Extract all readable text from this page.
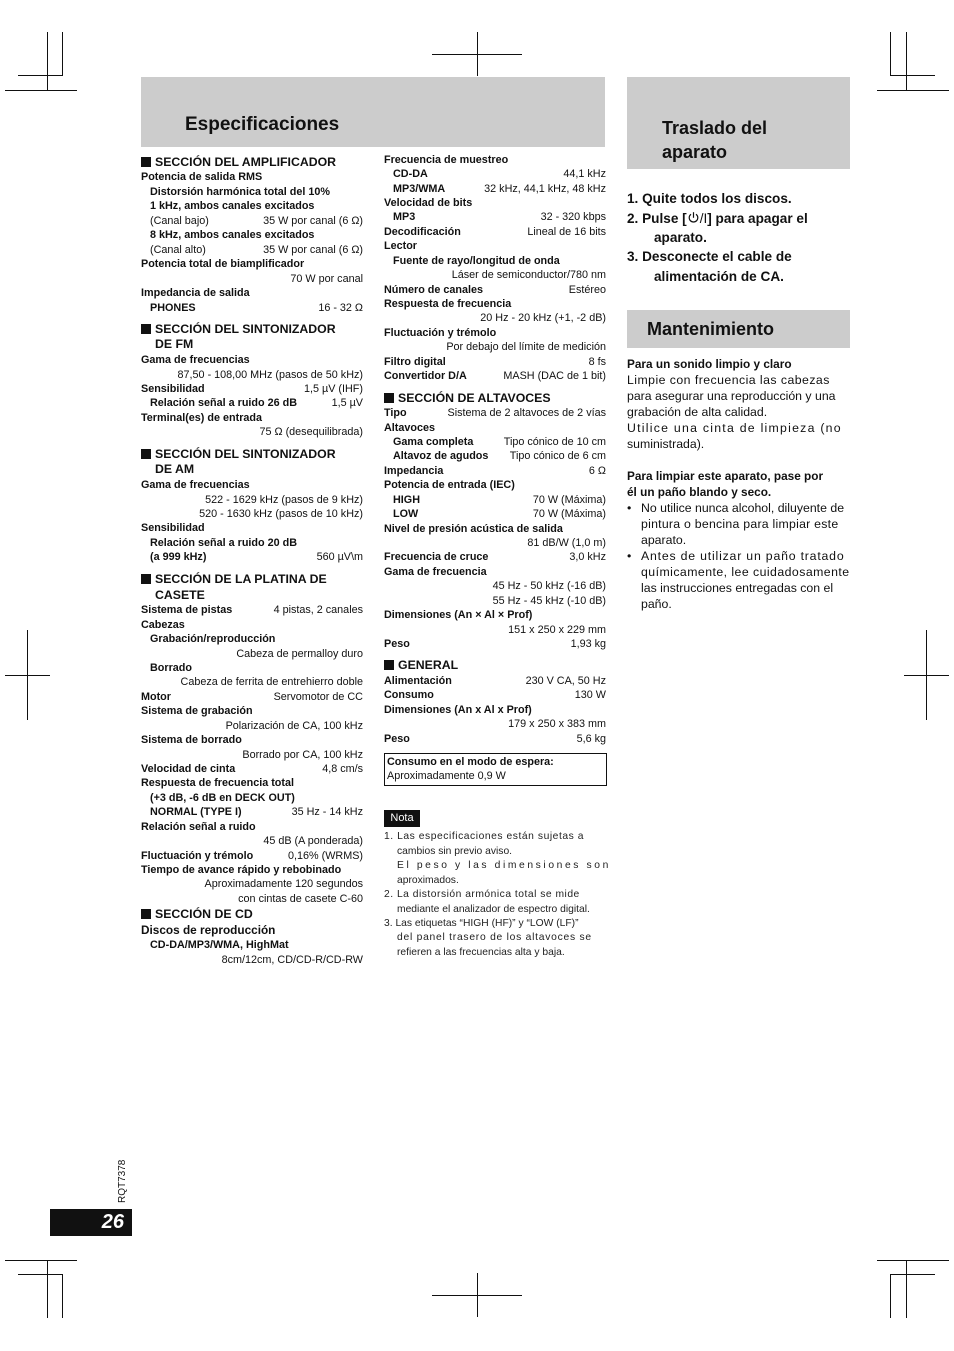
Especificaciones
SECCIÓN DEL AMPLIFICADOR
Potencia de salida RMS
Distorsión harmónica total del 10%
1 kHz, ambos canales excitados
(Canal bajo)	35 W por canal (6 Ω)
8 kHz, ambos canales excitados
(Canal alto)	35 W por canal (6 Ω)
Potencia total de biamplificador
70 W por canal
Impedancia de salida
PHONES	16 - 32 Ω
SECCIÓN DEL SINTONIZADOR
DE FM
Gama de frecuencias
87,50 - 108,00 MHz (pasos de 50 kHz)
Sensibilidad	1,5 µV (IHF)
Relación señal a ruido 26 dB	1,5 µV
Terminal(es) de entrada
75 Ω (desequilibrada)
SECCIÓN DEL SINTONIZADOR
DE AM
Gama de frecuencias
522 - 1629 kHz (pasos de 9 kHz)
520 - 1630 kHz (pasos de 10 kHz)
Sensibilidad
Relación señal a ruido 20 dB
(a 999 kHz)	560 µV\m
SECCIÓN DE LA PLATINA DE
CASETE
Sistema de pistas	4 pistas, 2 canales
Cabezas
Grabación/reproducción
Cabeza de permalloy duro
Borrado
Cabeza de ferrita de entrehierro doble
Motor	Servomotor de CC
Sistema de grabación
Polarización de CA, 100 kHz
Sistema de borrado
Borrado por CA, 100 kHz
Velocidad de cinta	4,8 cm/s
Respuesta de frecuencia total
(+3 dB, -6 dB en DECK OUT)
NORMAL (TYPE I)	35 Hz - 14 kHz
Relación señal a ruido
45 dB (A ponderada)
Fluctuación y trémolo	0,16% (WRMS)
Tiempo de avance rápido y rebobinado
Aproximadamente 120 segundos
con cintas de casete C-60
SECCIÓN DE CD
Discos de reproducción
CD-DA/MP3/WMA, HighMat
8cm/12cm, CD/CD-R/CD-RW
Frecuencia de muestreo
CD-DA	44,1 kHz
MP3/WMA	32 kHz, 44,1 kHz, 48 kHz
Velocidad de bits
MP3	32 - 320 kbps
Decodificación	Lineal de 16 bits
Lector
Fuente de rayo/longitud de onda
Láser de semiconductor/780 nm
Número de canales	Estéreo
Respuesta de frecuencia
20 Hz - 20 kHz (+1, -2 dB)
Fluctuación y trémolo
Por debajo del límite de medición
Filtro digital	8 fs
Convertidor D/A	MASH (DAC de 1 bit)
SECCIÓN DE ALTAVOCES
Tipo	Sistema de 2 altavoces de 2 vías
Altavoces
Gama completa	Tipo cónico de 10 cm
Altavoz de agudos Tipo cónico de 6 cm
Impedancia	6 Ω
Potencia de entrada (IEC)
HIGH	70 W (Máxima)
LOW	70 W (Máxima)
Nivel de presión acústica de salida
81 dB/W (1,0 m)
Frecuencia de cruce	3,0 kHz
Gama de frecuencia
45 Hz - 50 kHz (-16 dB)
55 Hz - 45 kHz (-10 dB)
Dimensiones (An × Al × Prof)
151 x 250 x 229 mm
Peso	1,93 kg
GENERAL
Alimentación	230 V CA, 50 Hz
Consumo	130 W
Dimensiones (An x Al x Prof)
179 x 250 x 383 mm
Peso	5,6 kg
Consumo en el modo de espera:
Aproximadamente 0,9 W
Nota
1. Las especificaciones están sujetas a
cambios sin previo aviso.
El peso y las dimensiones son
aproximados.
2. La distorsión armónica total se mide
mediante el analizador de espectro digital.
3. Las etiquetas “HIGH (HF)” y “LOW (LF)”
del panel trasero de los altavoces se
refieren a las frecuencias alta y baja.
Traslado del
aparato
1. Quite todos los discos.
2. Pulse [ /I] para apagar el
aparato.
3. Desconecte el cable de
alimentación de CA.
Mantenimiento
Para un sonido limpio y claro
Limpie con frecuencia las cabezas
para asegurar una reproducción y una
grabación de alta calidad.
Utilice una cinta de limpieza (no
suministrada).
Para limpiar este aparato, pase por
él un paño blando y seco.
• No utilice nunca alcohol, diluyente de
pintura o bencina para limpiar este
aparato.
• Antes de utilizar un paño tratado
químicamente, lee cuidadosamente
las instrucciones entregadas con el
paño.
RQT7378
26
